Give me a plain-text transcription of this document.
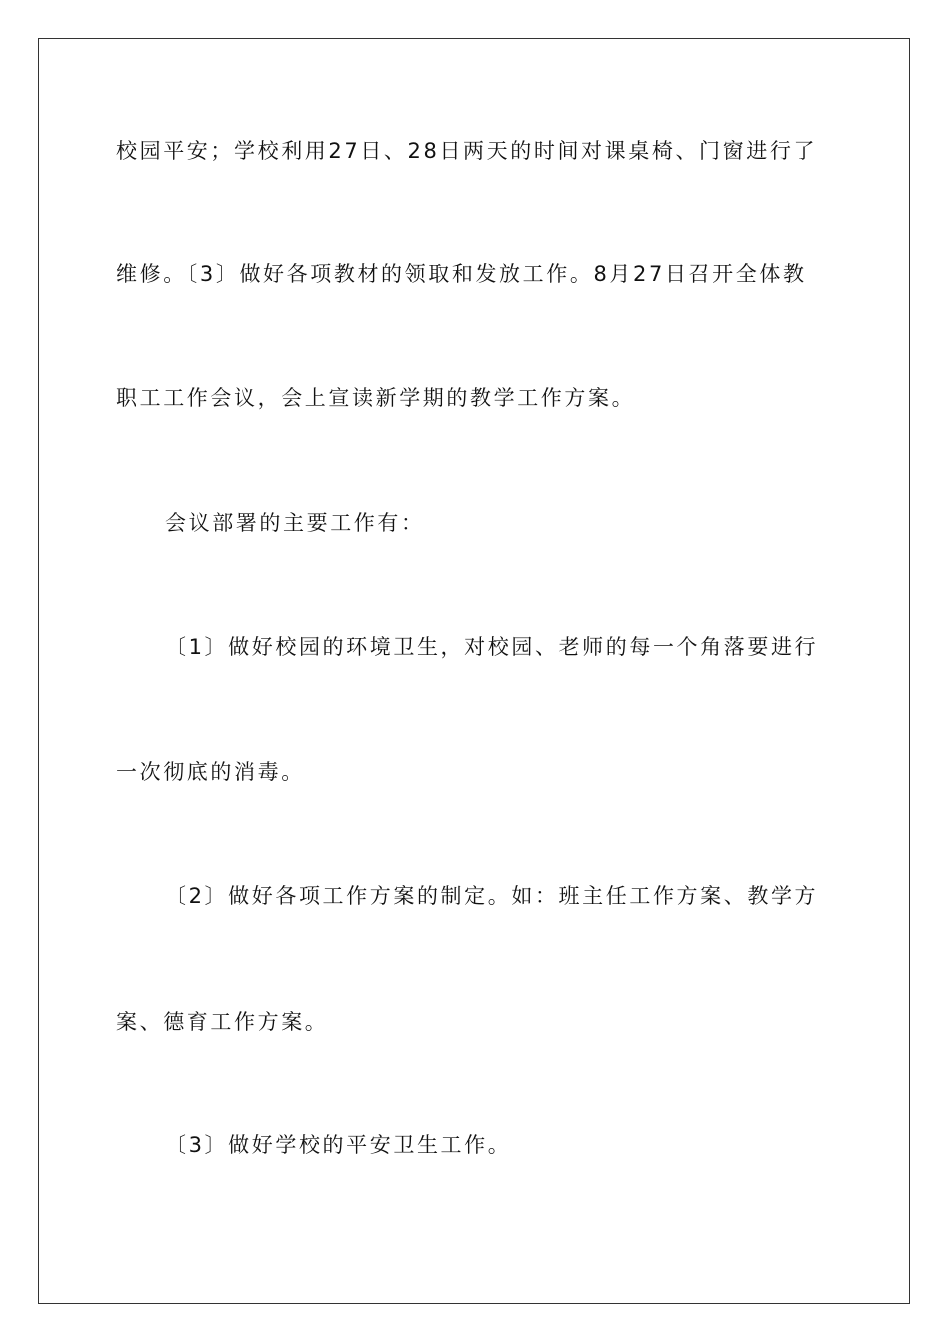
校园平安；学校利用27日、28日两天的时间对课桌椅、门窗进行了
维修。〔3〕做好各项教材的领取和发放工作。8月27日召开全体教
职工工作会议，会上宣读新学期的教学工作方案。
会议部署的主要工作有：
〔1〕做好校园的环境卫生，对校园、老师的每一个角落要进行
一次彻底的消毒。
〔2〕做好各项工作方案的制定。如：班主任工作方案、教学方
案、德育工作方案。
〔3〕做好学校的平安卫生工作。
